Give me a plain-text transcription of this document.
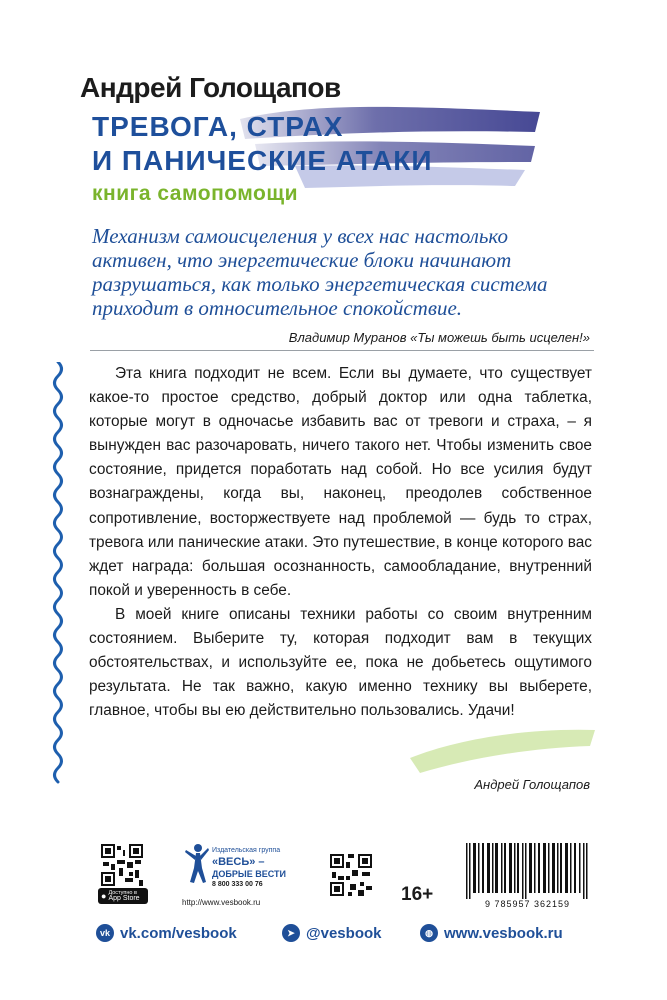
Андрей Голощапов
ТРЕВОГА, СТРАХ
И ПАНИЧЕСКИЕ АТАКИ
книга самопомощи
Механизм самоисцеления у всех нас настолько активен, что энергетические блоки начинают разрушаться, как только энергетическая система приходит в относительное спокойствие.
Владимир Муранов «Ты можешь быть исцелен!»

Эта книга подходит не всем. Если вы думаете, что существует какое-то простое средство, добрый доктор или одна таблетка, которые могут в одночасье избавить вас от тревоги и страха, – я вынужден вас разочаровать, ничего такого нет. Чтобы изменить свое состояние, придется поработать над собой. Но все усилия будут вознаграждены, когда вы, наконец, преодолев собственное сопротивление, восторжествуете над проблемой — будь то страх, тревога или панические атаки. Это путешествие, в конце которого вас ждет награда: большая осознанность, самообладание, внутренний покой и уверенность в себе.

В моей книге описаны техники работы со своим внутренним состоянием. Выберите ту, которая подходит вам в текущих обстоятельствах, и используйте ее, пока не добьетесь ощутимого результата. Не так важно, какую именно технику вы выберете, главное, чтобы вы ею действительно пользовались. Удачи!

Андрей Голощапов
● Доступно в
App Store
Издательская группа
«ВЕСЬ» –
ДОБРЫЕ ВЕСТИ
8 800 333 00 76
http://www.vesbook.ru	16+	9 785957 362159
vk vk.com/vesbook	➤ @vesbook	◍ www.vesbook.ru
